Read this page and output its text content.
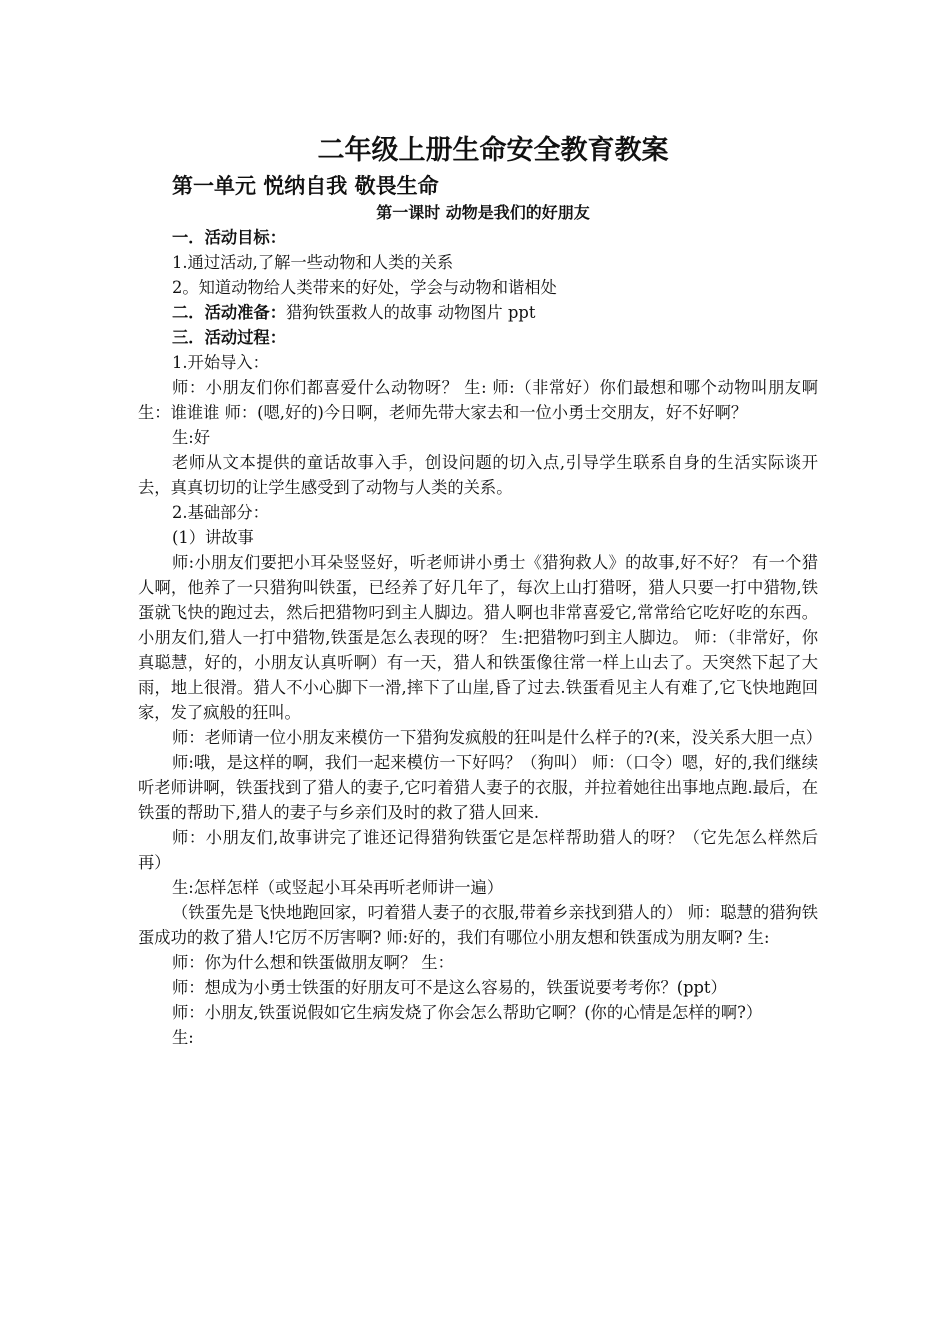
二年级上册生命安全教育教案
第一单元 悦纳自我 敬畏生命
第一课时 动物是我们的好朋友

一．活动目标：

1.通过活动,了解一些动物和人类的关系

2。知道动物给人类带来的好处，学会与动物和谐相处

二．活动准备：猎狗铁蛋救人的故事 动物图片 ppt

三．活动过程：

1.开始导入：

师：小朋友们你们都喜爱什么动物呀？ 生: 师:（非常好）你们最想和哪个动物叫朋友啊 生：谁谁谁 师：(嗯,好的)今日啊，老师先带大家去和一位小勇士交朋友，好不好啊？

生:好

老师从文本提供的童话故事入手，创设问题的切入点,引导学生联系自身的生活实际谈开去，真真切切的让学生感受到了动物与人类的关系。

2.基础部分：

(1）讲故事

师:小朋友们要把小耳朵竖竖好，听老师讲小勇士《猎狗救人》的故事,好不好？ 有一个猎人啊，他养了一只猎狗叫铁蛋，已经养了好几年了，每次上山打猎呀，猎人只要一打中猎物,铁蛋就飞快的跑过去，然后把猎物叼到主人脚边。猎人啊也非常喜爱它,常常给它吃好吃的东西。小朋友们,猎人一打中猎物,铁蛋是怎么表现的呀？ 生:把猎物叼到主人脚边。 师：（非常好，你真聪慧，好的，小朋友认真听啊）有一天，猎人和铁蛋像往常一样上山去了。天突然下起了大雨，地上很滑。猎人不小心脚下一滑,摔下了山崖,昏了过去.铁蛋看见主人有难了,它飞快地跑回家，发了疯般的狂叫。

师：老师请一位小朋友来模仿一下猎狗发疯般的狂叫是什么样子的?(来，没关系大胆一点）

师:哦，是这样的啊，我们一起来模仿一下好吗？（狗叫） 师：（口令）嗯，好的,我们继续听老师讲啊，铁蛋找到了猎人的妻子,它叼着猎人妻子的衣服，并拉着她往出事地点跑.最后，在铁蛋的帮助下,猎人的妻子与乡亲们及时的救了猎人回来.

师：小朋友们,故事讲完了谁还记得猎狗铁蛋它是怎样帮助猎人的呀？（它先怎么样然后再）

生:怎样怎样（或竖起小耳朵再听老师讲一遍）

（铁蛋先是飞快地跑回家，叼着猎人妻子的衣服,带着乡亲找到猎人的） 师：聪慧的猎狗铁蛋成功的救了猎人!它厉不厉害啊? 师:好的，我们有哪位小朋友想和铁蛋成为朋友啊? 生:

师：你为什么想和铁蛋做朋友啊？ 生：

师：想成为小勇士铁蛋的好朋友可不是这么容易的，铁蛋说要考考你？(ppt）

师：小朋友,铁蛋说假如它生病发烧了你会怎么帮助它啊？(你的心情是怎样的啊?）

生:
